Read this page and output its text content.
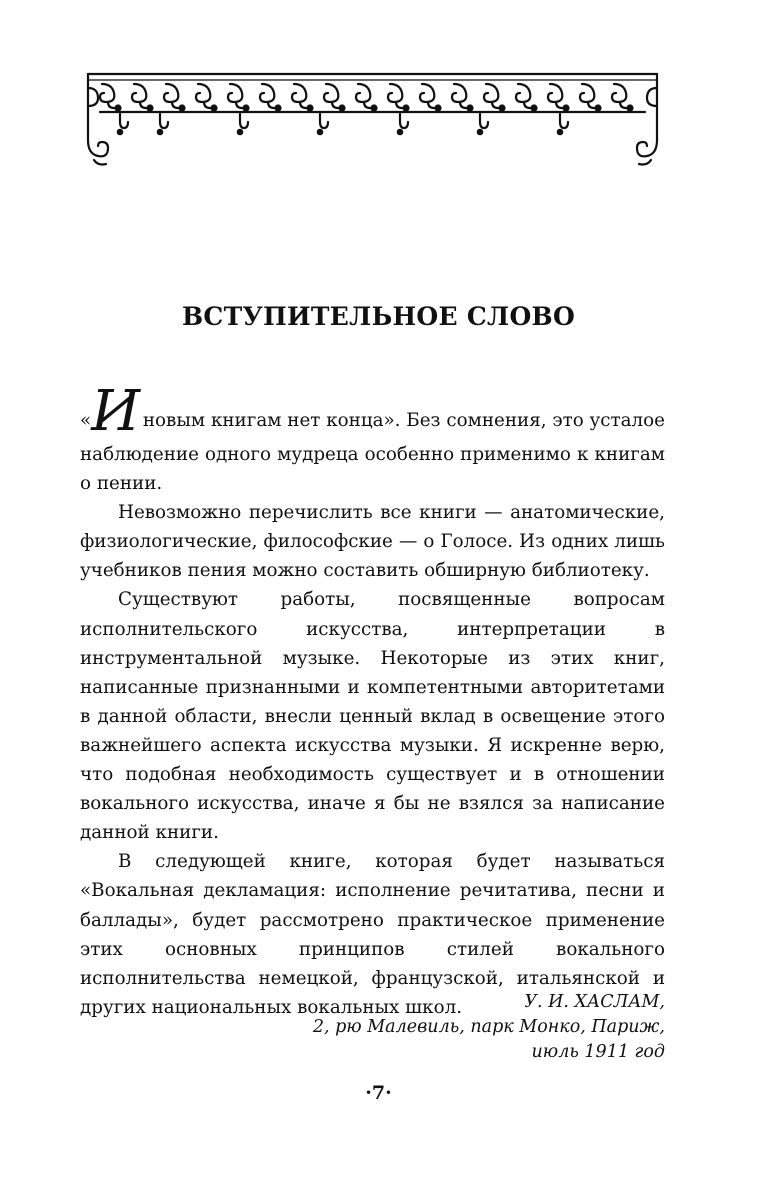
ВСТУПИТЕЛЬНОЕ СЛОВО

«И новым книгам нет конца». Без сомнения, это усталое наблюдение одного мудреца особенно применимо к книгам о пении.

Невозможно перечислить все книги — анатомические, физиологические, философские — о Голосе. Из одних лишь учебников пения можно составить обширную библиотеку.

Существуют работы, посвященные вопросам исполнительского искусства, интерпретации в инструментальной музыке. Некоторые из этих книг, написанные признанными и компетентными авторитетами в данной области, внесли ценный вклад в освещение этого важнейшего аспекта искусства музыки. Я искренне верю, что подобная необходимость существует и в отношении вокального искусства, иначе я бы не взялся за написание данной книги.

В следующей книге, которая будет называться «Вокальная декламация: исполнение речитатива, песни и баллады», будет рассмотрено практическое применение этих основных принципов стилей вокального исполнительства немецкой, французской, итальянской и других национальных вокальных школ.	У. И. ХАСЛАМ,
2, рю Малевиль, парк Монко, Париж,
июль 1911 год
·7·
